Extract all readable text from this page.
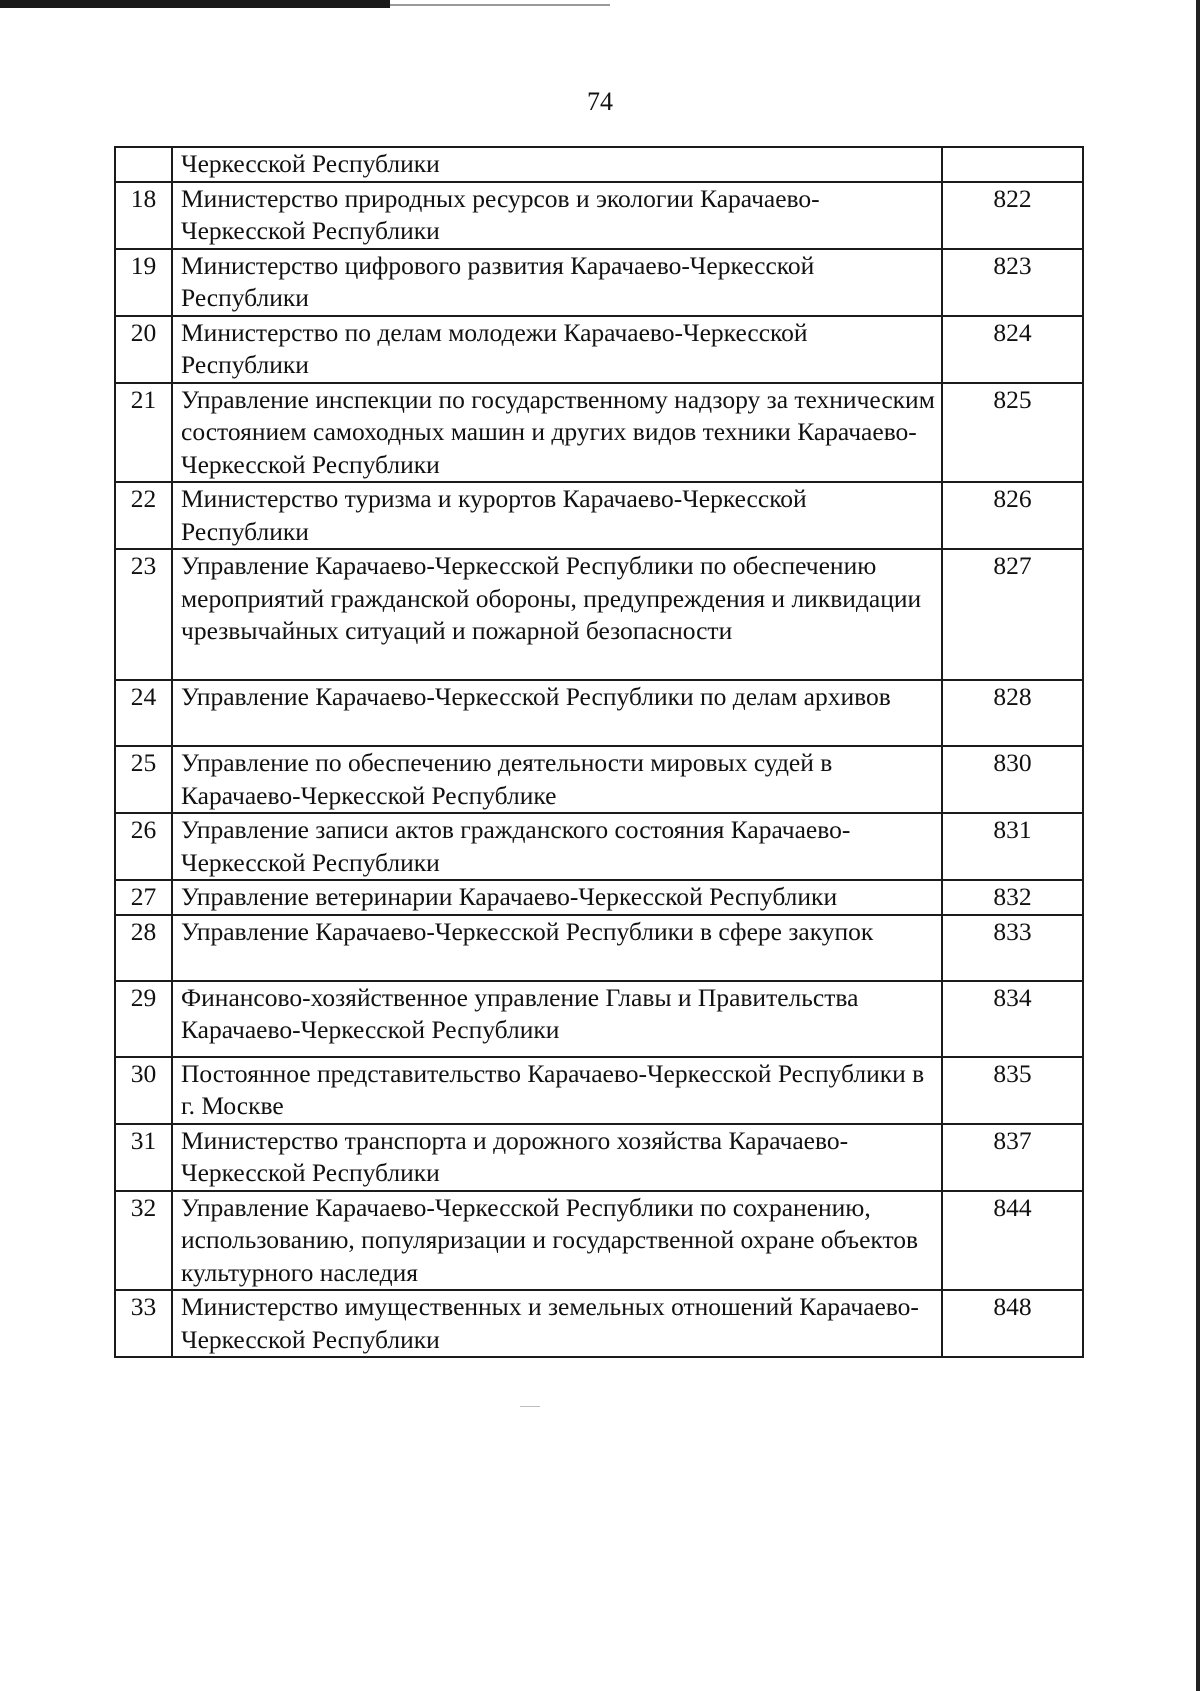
74
	Черкесской Республики	
18	Министерство природных ресурсов и экологии Карачаево-Черкесской Республики	822
19	Министерство цифрового развития Карачаево-Черкесской Республики	823
20	Министерство по делам молодежи Карачаево-Черкесской Республики	824
21	Управление инспекции по государственному надзору за техническим состоянием самоходных машин и других видов техники Карачаево-Черкесской Республики	825
22	Министерство туризма и курортов Карачаево-Черкесской Республики	826
23	Управление Карачаево-Черкесской Республики по обеспечению мероприятий гражданской обороны, предупреждения и ликвидации чрезвычайных ситуаций и пожарной безопасности	827
24	Управление Карачаево-Черкесской Республики по делам архивов	828
25	Управление по обеспечению деятельности мировых судей в Карачаево-Черкесской Республике	830
26	Управление записи актов гражданского состояния Карачаево-Черкесской Республики	831
27	Управление ветеринарии Карачаево-Черкесской Республики	832
28	Управление Карачаево-Черкесской Республики в сфере закупок	833
29	Финансово-хозяйственное управление Главы и Правительства Карачаево-Черкесской Республики	834
30	Постоянное представительство Карачаево-Черкесской Республики в г. Москве	835
31	Министерство транспорта и дорожного хозяйства Карачаево-Черкесской Республики	837
32	Управление Карачаево-Черкесской Республики по сохранению, использованию, популяризации и государственной охране объектов культурного наследия	844
33	Министерство имущественных и земельных отношений Карачаево-Черкесской Республики	848
